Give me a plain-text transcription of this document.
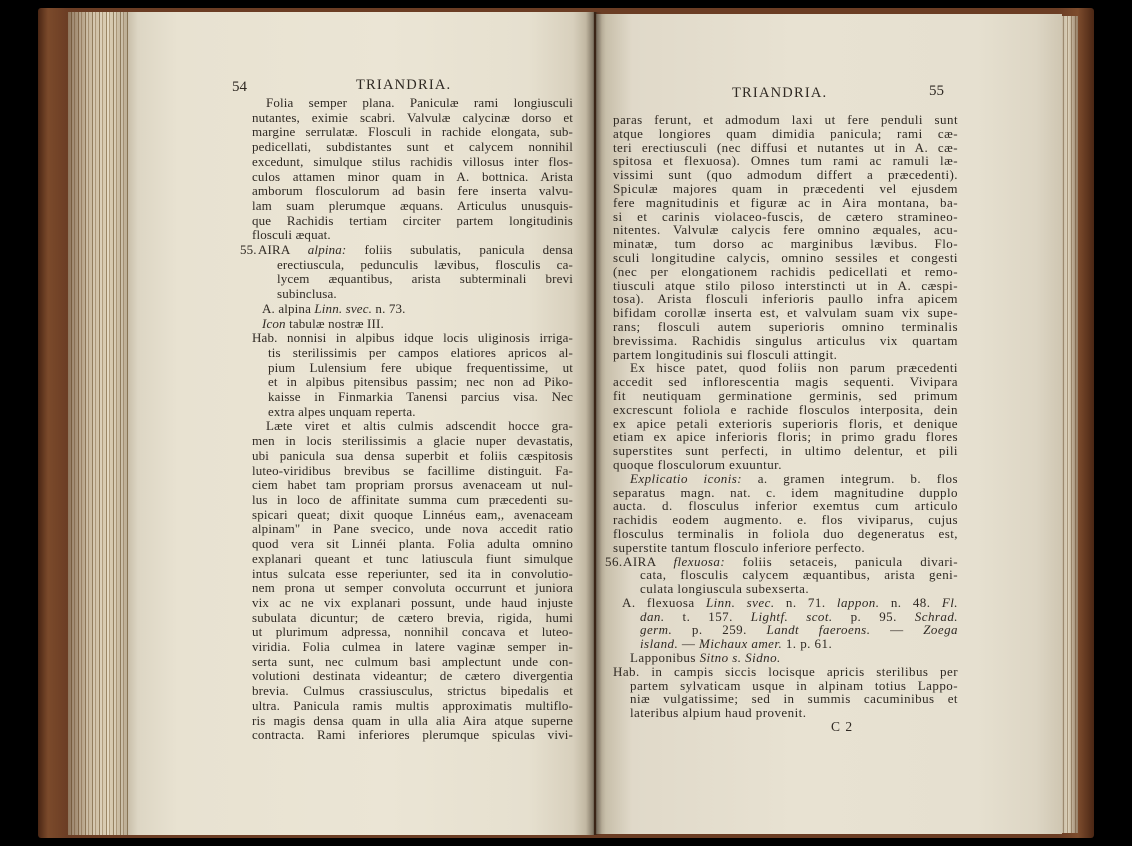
54	TRIANDRIA.
Folia semper plana. Paniculæ rami longiusculi
nutantes, eximie scabri. Valvulæ calycinæ dorso et
margine serrulatæ. Flosculi in rachide elongata, sub-
pedicellati, subdistantes sunt et calycem nonnihil
excedunt, simulque stilus rachidis villosus inter flos-
culos attamen minor quam in A. bottnica. Arista
amborum flosculorum ad basin fere inserta valvu-
lam suam plerumque æquans. Articulus unusquis-
que Rachidis tertiam circiter partem longitudinis
flosculi æquat.
55. AIRA alpina: foliis subulatis, panicula densa
erectiuscula, pedunculis lævibus, flosculis ca-
lycem æquantibus, arista subterminali brevi
subinclusa.
A. alpina Linn. svec. n. 73.
Icon tabulæ nostræ III.
Hab. nonnisi in alpibus idque locis uliginosis irriga-
tis sterilissimis per campos elatiores apricos al-
pium Lulensium fere ubique frequentissime, ut
et in alpibus pitensibus passim; nec non ad Piko-
kaisse in Finmarkia Tanensi parcius visa. Nec
extra alpes unquam reperta.
Læte viret et altis culmis adscendit hocce gra-
men in locis sterilissimis a glacie nuper devastatis,
ubi panicula sua densa superbit et foliis cæspitosis
luteo-viridibus brevibus se facillime distinguit. Fa-
ciem habet tam propriam prorsus avenaceam ut nul-
lus in loco de affinitate summa cum præcedenti su-
spicari queat; dixit quoque Linnéus eam,, avenaceam
alpinam" in Pane svecico, unde nova accedit ratio
quod vera sit Linnéi planta. Folia adulta omnino
explanari queant et tunc latiuscula fiunt simulque
intus sulcata esse reperiunter, sed ita in convolutio-
nem prona ut semper convoluta occurrunt et juniora
vix ac ne vix explanari possunt, unde haud injuste
subulata dicuntur; de cætero brevia, rigida, humi
ut plurimum adpressa, nonnihil concava et luteo-
viridia. Folia culmea in latere vaginæ semper in-
serta sunt, nec culmum basi amplectunt unde con-
volutioni destinata videantur; de cætero divergentia
brevia. Culmus crassiusculus, strictus bipedalis et
ultra. Panicula ramis multis approximatis multiflo-
ris magis densa quam in ulla alia Aira atque superne
contracta. Rami inferiores plerumque spiculas vivi-
TRIANDRIA.	55
paras ferunt, et admodum laxi ut fere penduli sunt
atque longiores quam dimidia panicula; rami cæ-
teri erectiusculi (nec diffusi et nutantes ut in A. cæ-
spitosa et flexuosa). Omnes tum rami ac ramuli læ-
vissimi sunt (quo admodum differt a præcedenti).
Spiculæ majores quam in præcedenti vel ejusdem
fere magnitudinis et figuræ ac in Aira montana, ba-
si et carinis violaceo-fuscis, de cætero stramineo-
nitentes. Valvulæ calycis fere omnino æquales, acu-
minatæ, tum dorso ac marginibus lævibus. Flo-
sculi longitudine calycis, omnino sessiles et congesti
(nec per elongationem rachidis pedicellati et remo-
tiusculi atque stilo piloso interstincti ut in A. cæspi-
tosa). Arista flosculi inferioris paullo infra apicem
bifidam corollæ inserta est, et valvulam suam vix supe-
rans; flosculi autem superioris omnino terminalis
brevissima. Rachidis singulus articulus vix quartam
partem longitudinis sui flosculi attingit.
Ex hisce patet, quod foliis non parum præcedenti
accedit sed inflorescentia magis sequenti. Vivipara
fit neutiquam germinatione germinis, sed primum
excrescunt foliola e rachide flosculos interposita, dein
ex apice petali exterioris superioris floris, et denique
etiam ex apice inferioris floris; in primo gradu flores
superstites sunt perfecti, in ultimo delentur, et pili
quoque flosculorum exuuntur.
Explicatio iconis: a. gramen integrum. b. flos
separatus magn. nat. c. idem magnitudine dupplo
aucta. d. flosculus inferior exemtus cum articulo
rachidis eodem augmento. e. flos viviparus, cujus
flosculus terminalis in foliola duo degeneratus est,
superstite tantum flosculo inferiore perfecto.
56. AIRA flexuosa: foliis setaceis, panicula divari-
cata, flosculis calycem æquantibus, arista geni-
culata longiuscula subexserta.
A. flexuosa Linn. svec. n. 71. lappon. n. 48. Fl.
dan. t. 157. Lightf. scot. p. 95. Schrad.
germ. p. 259. Landt faeroens. — Zoega
island. — Michaux amer. 1. p. 61.
Lapponibus Sitno s. Sidno.
Hab. in campis siccis locisque apricis sterilibus per
partem sylvaticam usque in alpinam totius Lappo-
niæ vulgatissime; sed in summis cacuminibus et
lateribus alpium haud provenit.
C 2
